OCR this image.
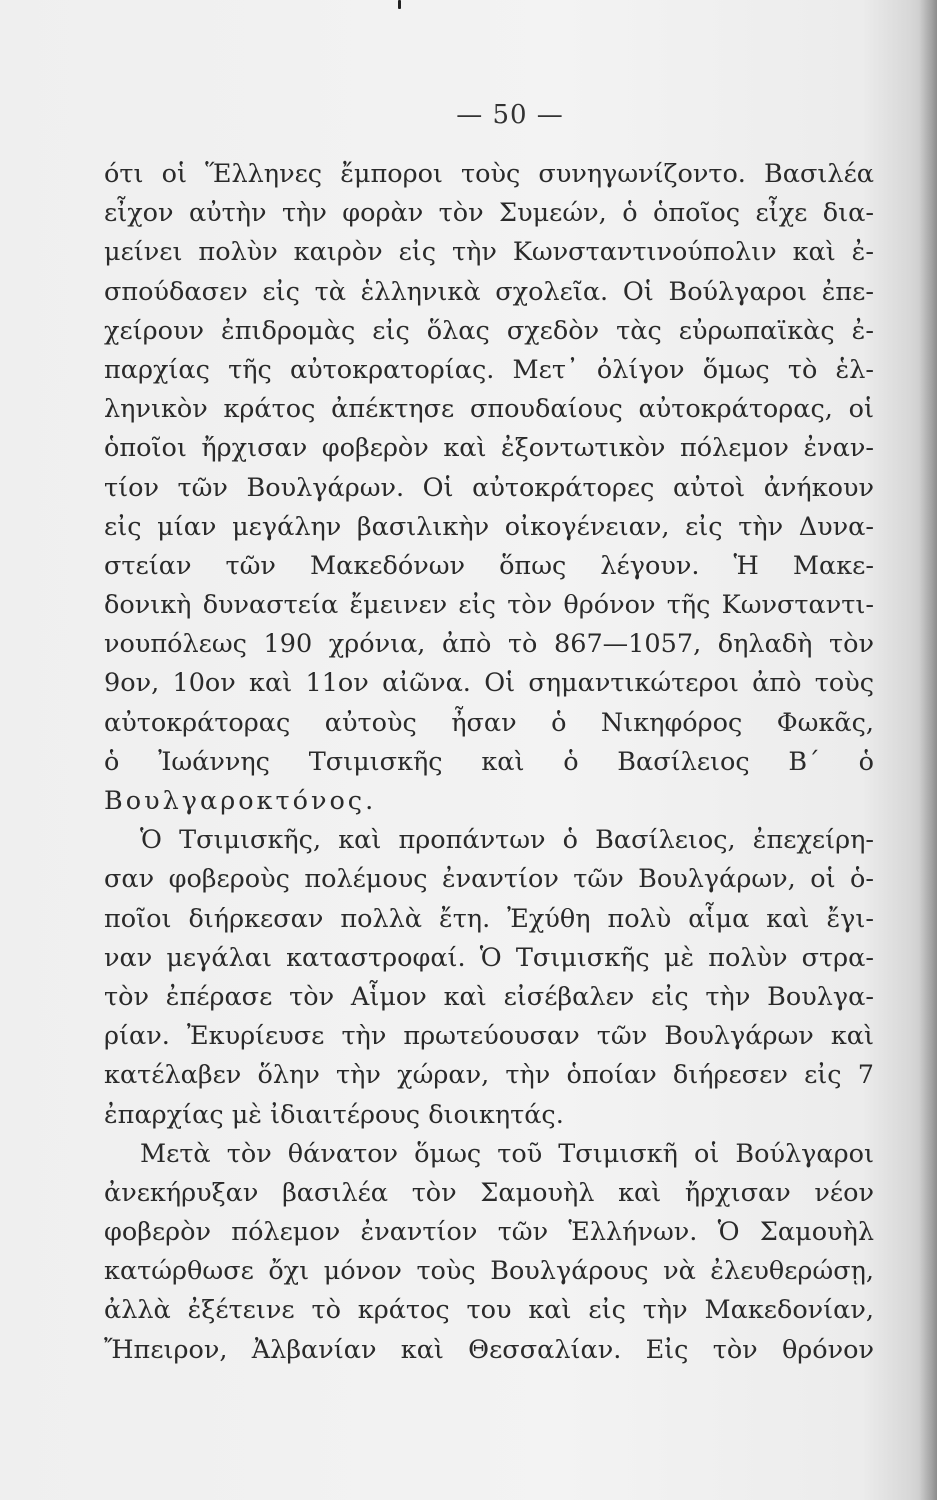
— 50 —
ότι οἱ Ἕλληνες ἔμποροι τοὺς συνηγωνίζοντο. Βασιλέα
εἶχον αὐτὴν τὴν φορὰν τὸν Συμεών, ὁ ὁποῖος εἶχε δια-
μείνει πολὺν καιρὸν εἰς τὴν Κωνσταντινούπολιν καὶ ἐ-
σπούδασεν εἰς τὰ ἑλληνικὰ σχολεῖα. Οἱ Βούλγαροι ἐπε-
χείρουν ἐπιδρομὰς εἰς ὅλας σχεδὸν τὰς εὐρωπαϊκὰς ἐ-
παρχίας τῆς αὐτοκρατορίας. Μετ᾽ ὀλίγον ὅμως τὸ ἑλ-
ληνικὸν κράτος ἀπέκτησε σπουδαίους αὐτοκράτορας, οἱ
ὁποῖοι ἤρχισαν φοβερὸν καὶ ἐξοντωτικὸν πόλεμον ἐναν-
τίον τῶν Βουλγάρων. Οἱ αὐτοκράτορες αὐτοὶ ἀνήκουν
εἰς μίαν μεγάλην βασιλικὴν οἰκογένειαν, εἰς τὴν Δυνα-
στείαν τῶν Μακεδόνων ὅπως λέγουν. Ἡ Μακε-
δονικὴ δυναστεία ἔμεινεν εἰς τὸν θρόνον τῆς Κωνσταντι-
νουπόλεως 190 χρόνια, ἀπὸ τὸ 867—1057, δηλαδὴ τὸν
9ον, 10ον καὶ 11ον αἰῶνα. Οἱ σημαντικώτεροι ἀπὸ τοὺς
αὐτοκράτορας αὐτοὺς ἦσαν ὁ Νικηφόρος Φωκᾶς,
ὁ Ἰωάννης Τσιμισκῆς καὶ ὁ Βασίλειος Β΄ ὁ
Βουλγαροκτόνος.
Ὁ Τσιμισκῆς, καὶ προπάντων ὁ Βασίλειος, ἐπεχείρη-
σαν φοβεροὺς πολέμους ἐναντίον τῶν Βουλγάρων, οἱ ὁ-
ποῖοι διήρκεσαν πολλὰ ἔτη. Ἐχύθη πολὺ αἷμα καὶ ἔγι-
ναν μεγάλαι καταστροφαί. Ὁ Τσιμισκῆς μὲ πολὺν στρα-
τὸν ἐπέρασε τὸν Αἷμον καὶ εἰσέβαλεν εἰς τὴν Βουλγα-
ρίαν. Ἐκυρίευσε τὴν πρωτεύουσαν τῶν Βουλγάρων καὶ
κατέλαβεν ὅλην τὴν χώραν, τὴν ὁποίαν διήρεσεν εἰς 7
ἐπαρχίας μὲ ἰδιαιτέρους διοικητάς.
Μετὰ τὸν θάνατον ὅμως τοῦ Τσιμισκῆ οἱ Βούλγαροι
ἀνεκήρυξαν βασιλέα τὸν Σαμουὴλ καὶ ἤρχισαν νέον
φοβερὸν πόλεμον ἐναντίον τῶν Ἑλλήνων. Ὁ Σαμουὴλ
κατώρθωσε ὄχι μόνον τοὺς Βουλγάρους νὰ ἐλευθερώσῃ,
ἀλλὰ ἐξέτεινε τὸ κράτος του καὶ εἰς τὴν Μακεδονίαν,
Ἤπειρον, Ἀλβανίαν καὶ Θεσσαλίαν. Εἰς τὸν θρόνον
